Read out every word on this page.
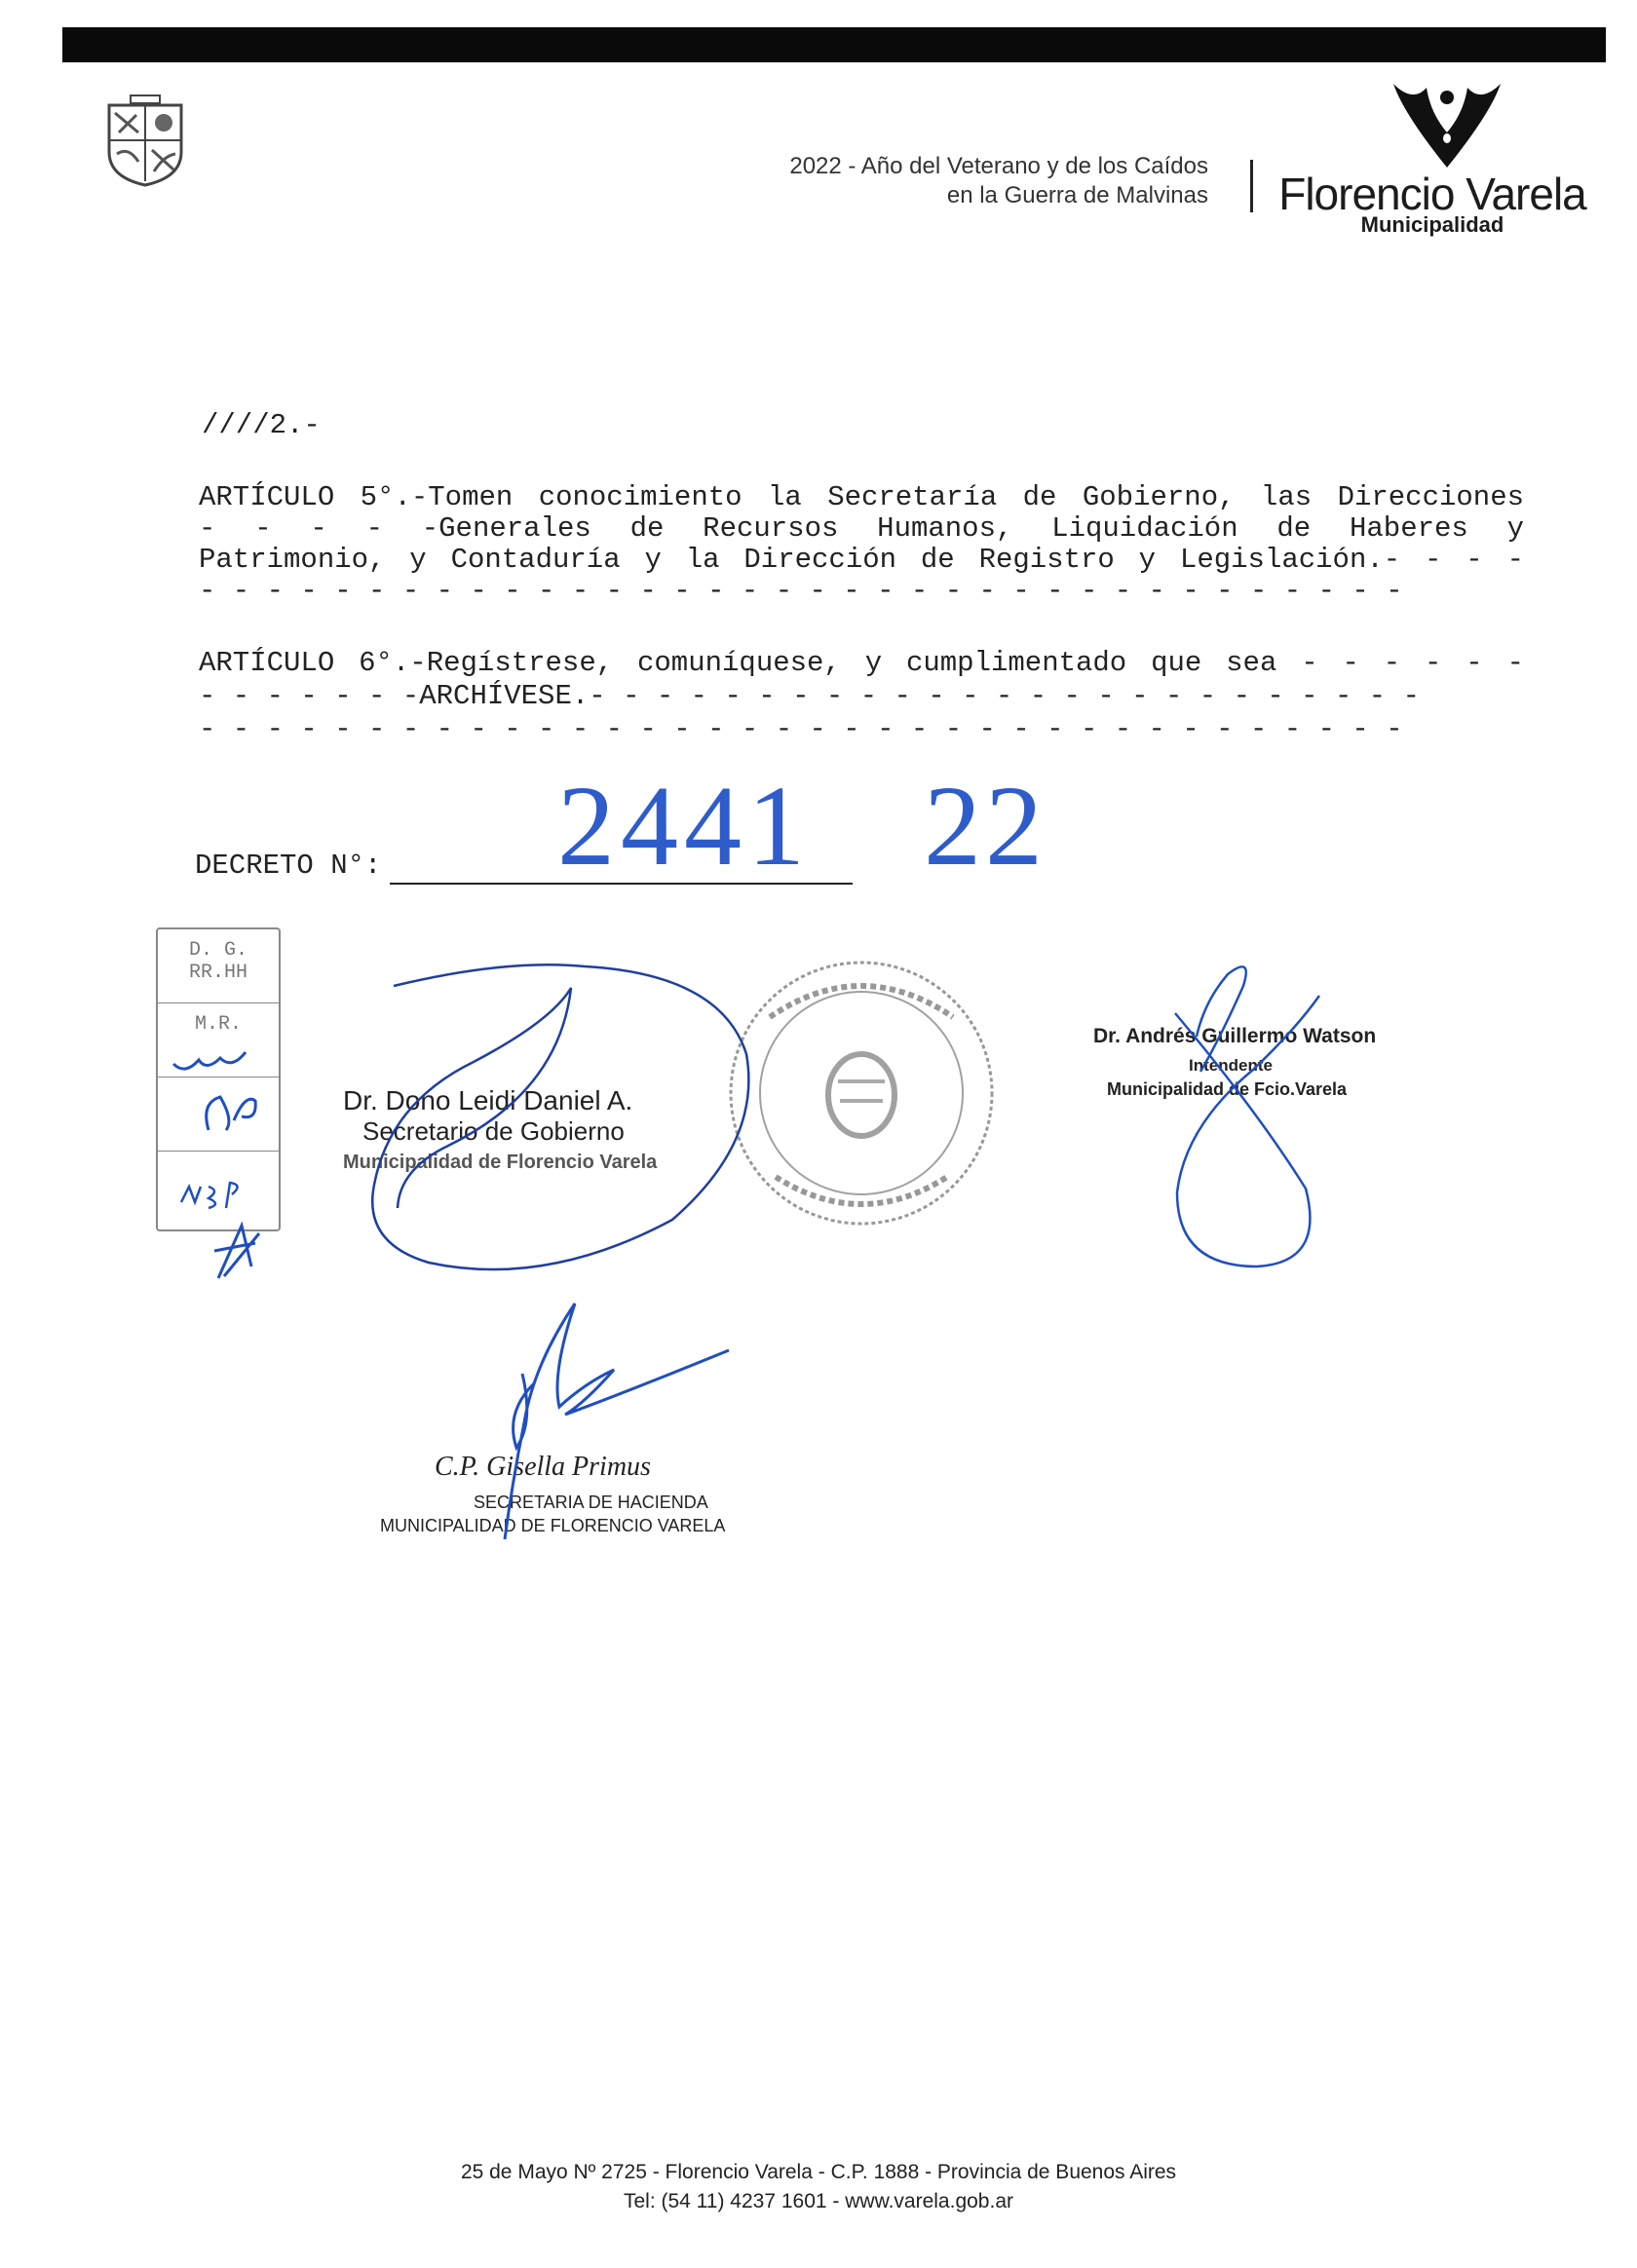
2022 - Año del Veterano y de los Caídos
en la Guerra de Malvinas Florencio Varela
Municipalidad
////2.-
ARTÍCULO 5°.-Tomen conocimiento la Secretaría de Gobierno, las Direcciones
- - - - -Generales de Recursos Humanos, Liquidación de Haberes y
Patrimonio, y Contaduría y la Dirección de Registro y Legislación.- - - -
- - - - - - - - - - - - - - - - - - - - - - - - - - - - - - - - - - - -
ARTÍCULO 6°.-Regístrese, comuníquese, y cumplimentado que sea - - - - - -
- - - - - - -ARCHÍVESE.- - - - - - - - - - - - - - - - - - - - - - - - -
- - - - - - - - - - - - - - - - - - - - - - - - - - - - - - - - - - - -
DECRETO N°: 2441 22
D. G.
RR.HH
M.R.
Dr. Dono Leidi Daniel A.
Secretario de Gobierno
Municipalidad de Florencio Varela
Dr. Andrés Guillermo Watson
Intendente
Municipalidad de Fcio.Varela
C.P. Gisella Primus
SECRETARIA DE HACIENDA
MUNICIPALIDAD DE FLORENCIO VARELA
25 de Mayo Nº 2725 - Florencio Varela - C.P. 1888 - Provincia de Buenos Aires
Tel: (54 11) 4237 1601 - www.varela.gob.ar
